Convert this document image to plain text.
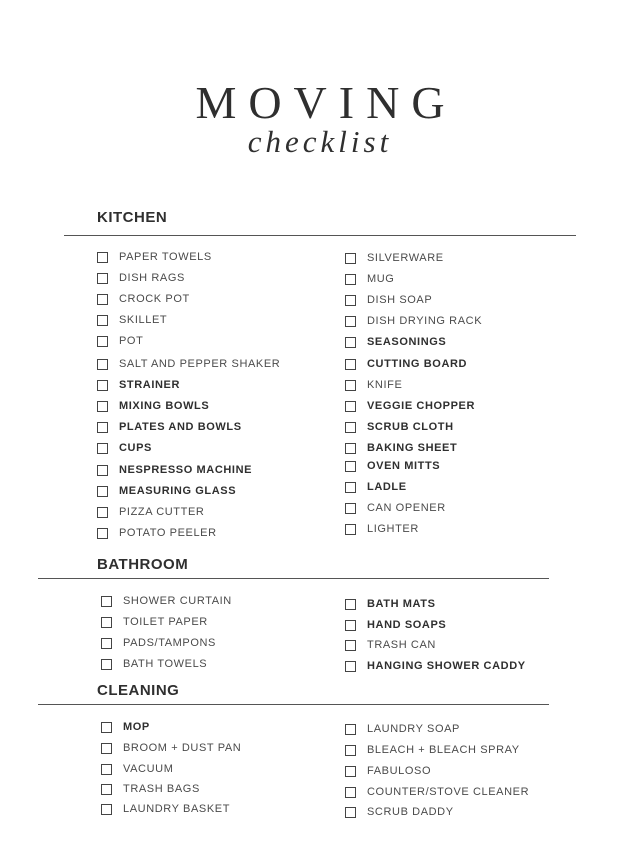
MOVING
checklist
KITCHEN
BATHROOM
CLEANING
PAPER TOWELS
DISH RAGS
CROCK POT
SKILLET
POT
SALT AND PEPPER SHAKER
STRAINER
MIXING BOWLS
PLATES AND BOWLS
CUPS
NESPRESSO MACHINE
MEASURING GLASS
PIZZA CUTTER
POTATO PEELER
SILVERWARE
MUG
DISH SOAP
DISH DRYING RACK
SEASONINGS
CUTTING BOARD
KNIFE
VEGGIE CHOPPER
SCRUB CLOTH
BAKING SHEET
OVEN MITTS
LADLE
CAN OPENER
LIGHTER
SHOWER CURTAIN
TOILET PAPER
PADS/TAMPONS
BATH TOWELS
BATH MATS
HAND SOAPS
TRASH CAN
HANGING SHOWER CADDY
MOP
BROOM + DUST PAN
VACUUM
TRASH BAGS
LAUNDRY BASKET
LAUNDRY SOAP
BLEACH + BLEACH SPRAY
FABULOSO
COUNTER/STOVE CLEANER
SCRUB DADDY
